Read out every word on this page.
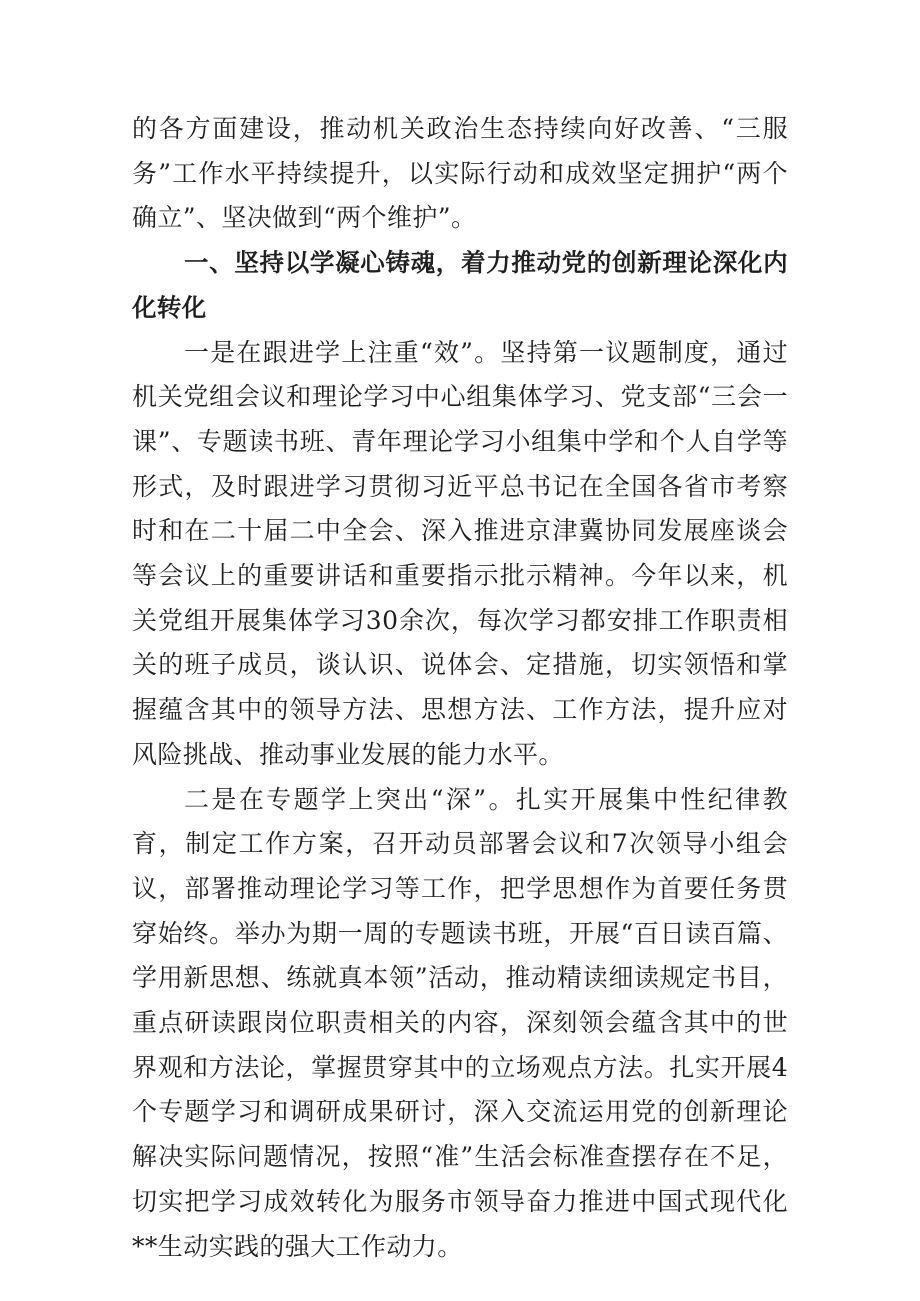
的各方面建设，推动机关政治生态持续向好改善、“三服务”工作水平持续提升，以实际行动和成效坚定拥护“两个确立”、坚决做到“两个维护”。

一、坚持以学凝心铸魂，着力推动党的创新理论深化内化转化

一是在跟进学上注重“效”。坚持第一议题制度，通过机关党组会议和理论学习中心组集体学习、党支部“三会一课”、专题读书班、青年理论学习小组集中学和个人自学等形式，及时跟进学习贯彻习近平总书记在全国各省市考察时和在二十届二中全会、深入推进京津冀协同发展座谈会等会议上的重要讲话和重要指示批示精神。今年以来，机关党组开展集体学习30余次，每次学习都安排工作职责相关的班子成员，谈认识、说体会、定措施，切实领悟和掌握蕴含其中的领导方法、思想方法、工作方法，提升应对风险挑战、推动事业发展的能力水平。

二是在专题学上突出“深”。扎实开展集中性纪律教育，制定工作方案，召开动员部署会议和7次领导小组会议，部署推动理论学习等工作，把学思想作为首要任务贯穿始终。举办为期一周的专题读书班，开展“百日读百篇、学用新思想、练就真本领”活动，推动精读细读规定书目，重点研读跟岗位职责相关的内容，深刻领会蕴含其中的世界观和方法论，掌握贯穿其中的立场观点方法。扎实开展4个专题学习和调研成果研讨，深入交流运用党的创新理论解决实际问题情况，按照“准”生活会标准查摆存在不足，切实把学习成效转化为服务市领导奋力推进中国式现代化**生动实践的强大工作动力。
